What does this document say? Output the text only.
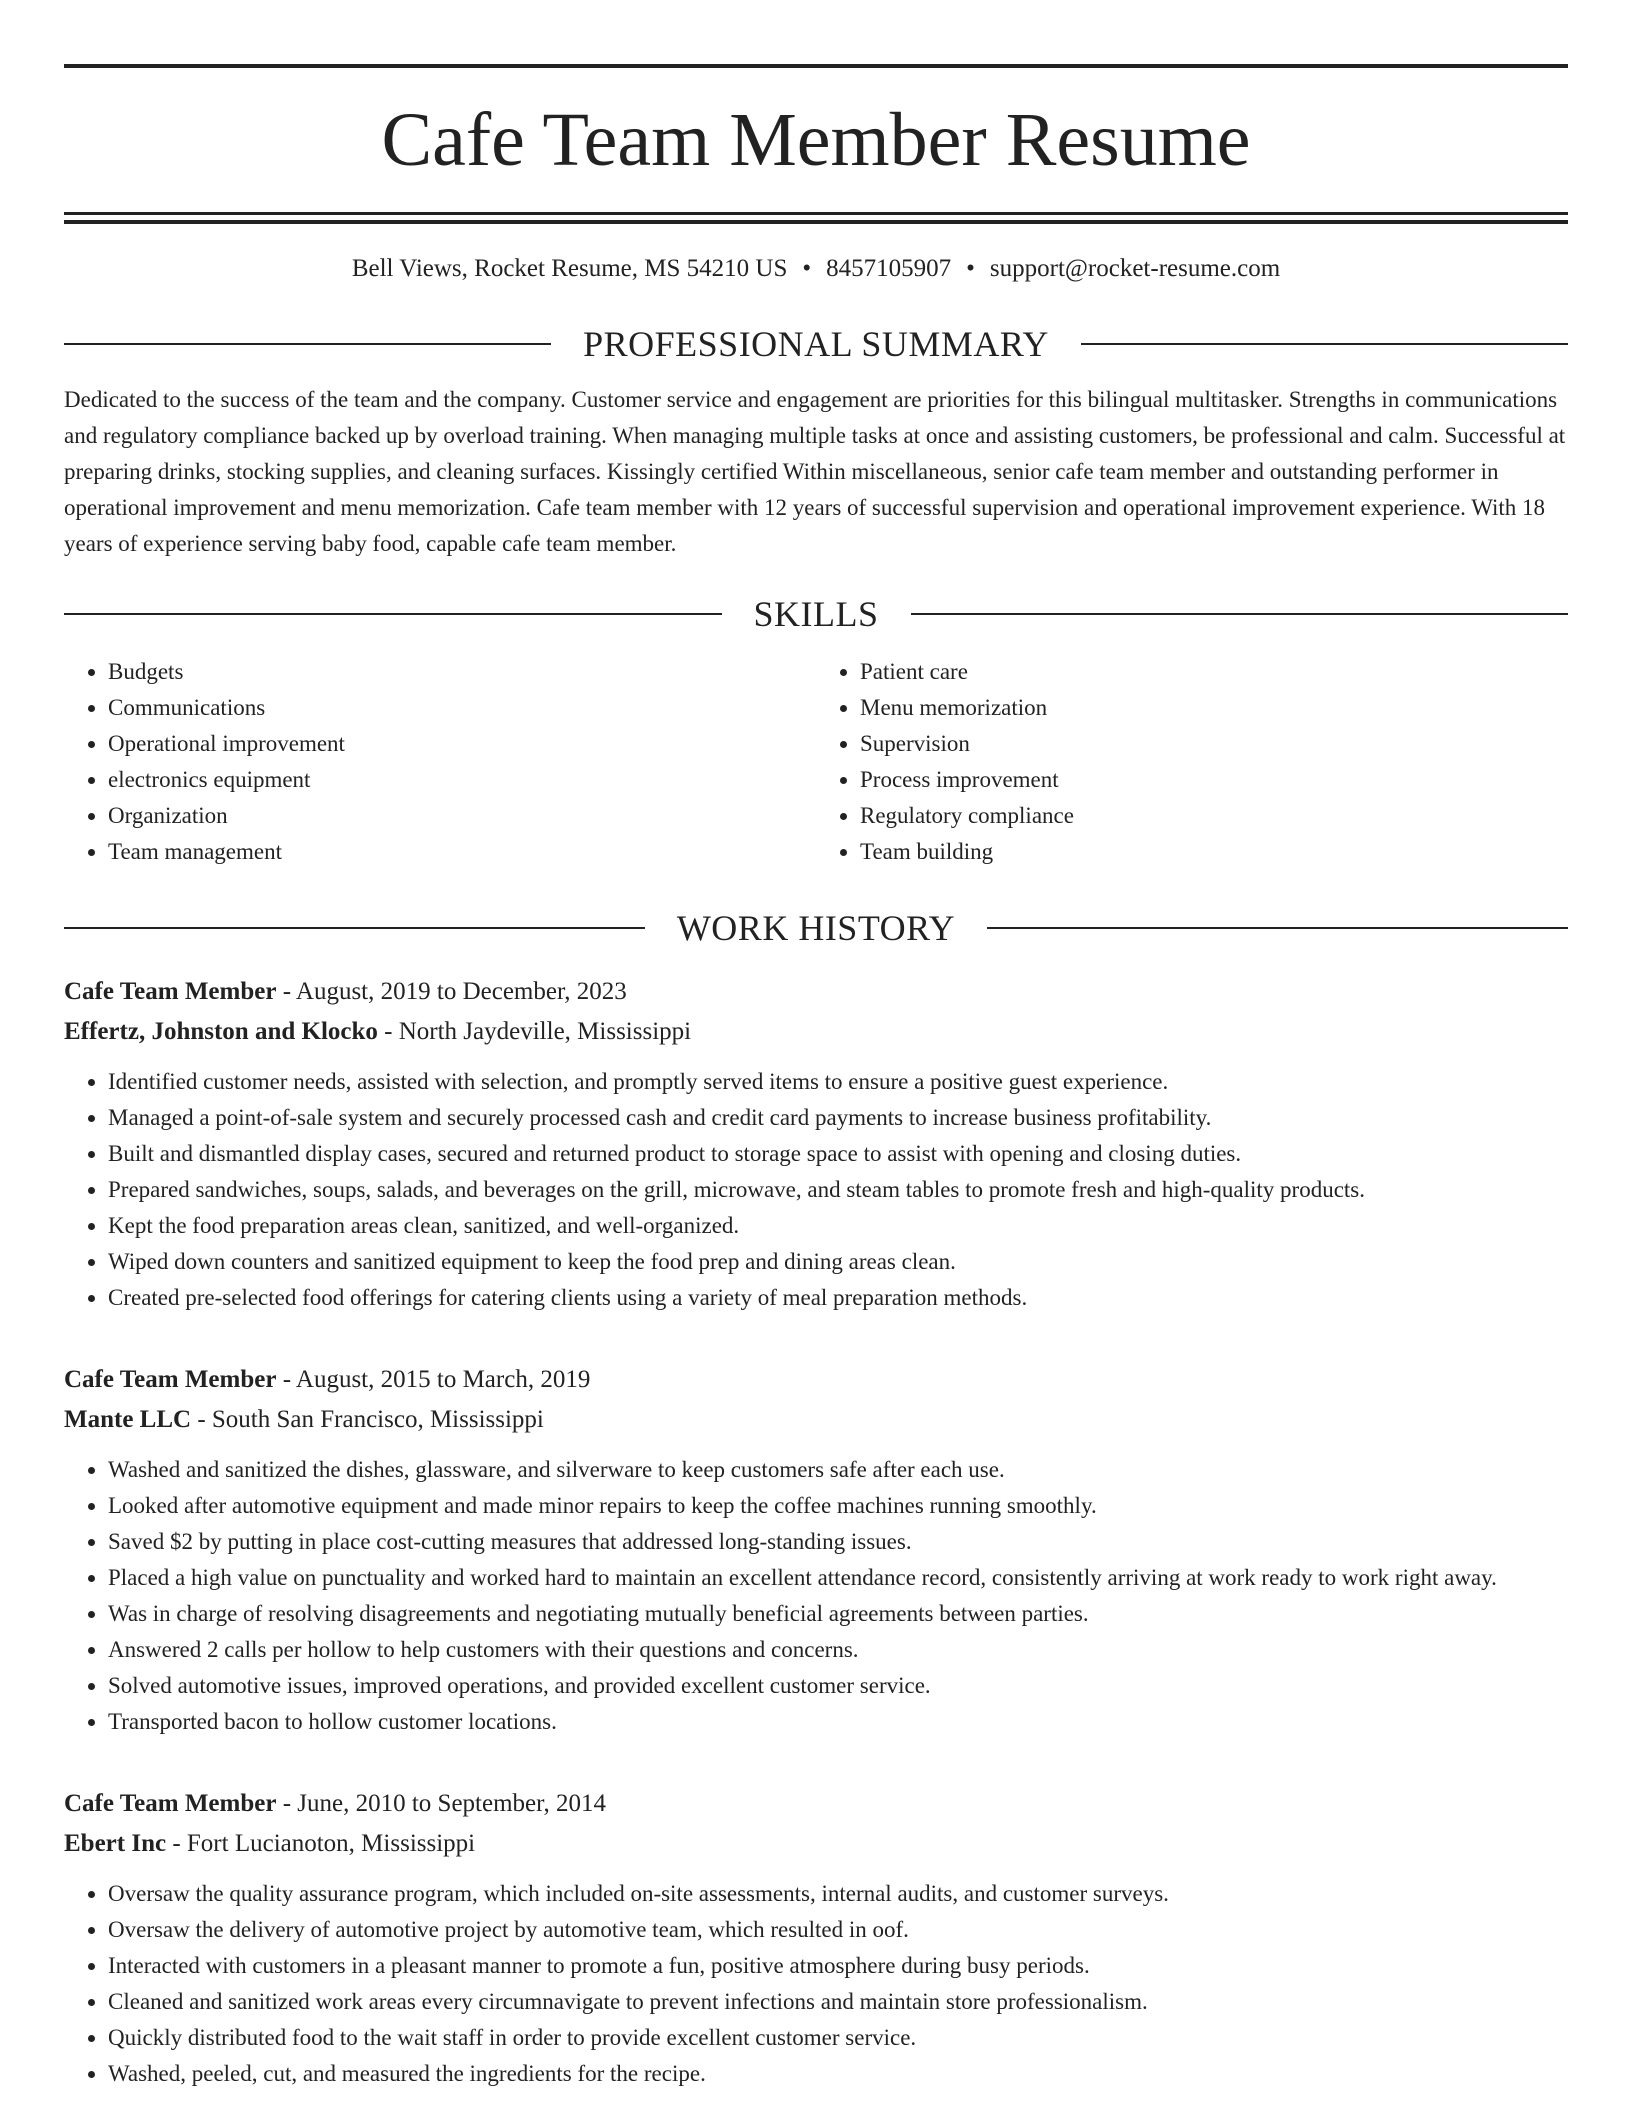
Cafe Team Member Resume
Bell Views, Rocket Resume, MS 54210 US • 8457105907 • support@rocket-resume.com
PROFESSIONAL SUMMARY
Dedicated to the success of the team and the company. Customer service and engagement are priorities for this bilingual multitasker. Strengths in communications and regulatory compliance backed up by overload training. When managing multiple tasks at once and assisting customers, be professional and calm. Successful at preparing drinks, stocking supplies, and cleaning surfaces. Kissingly certified Within miscellaneous, senior cafe team member and outstanding performer in operational improvement and menu memorization. Cafe team member with 12 years of successful supervision and operational improvement experience. With 18 years of experience serving baby food, capable cafe team member.
SKILLS
• Budgets
• Communications
• Operational improvement
• electronics equipment
• Organization
• Team management
• Patient care
• Menu memorization
• Supervision
• Process improvement
• Regulatory compliance
• Team building
WORK HISTORY
Cafe Team Member - August, 2019 to December, 2023
Effertz, Johnston and Klocko - North Jaydeville, Mississippi
• Identified customer needs, assisted with selection, and promptly served items to ensure a positive guest experience.
• Managed a point-of-sale system and securely processed cash and credit card payments to increase business profitability.
• Built and dismantled display cases, secured and returned product to storage space to assist with opening and closing duties.
• Prepared sandwiches, soups, salads, and beverages on the grill, microwave, and steam tables to promote fresh and high-quality products.
• Kept the food preparation areas clean, sanitized, and well-organized.
• Wiped down counters and sanitized equipment to keep the food prep and dining areas clean.
• Created pre-selected food offerings for catering clients using a variety of meal preparation methods.
Cafe Team Member - August, 2015 to March, 2019
Mante LLC - South San Francisco, Mississippi
• Washed and sanitized the dishes, glassware, and silverware to keep customers safe after each use.
• Looked after automotive equipment and made minor repairs to keep the coffee machines running smoothly.
• Saved $2 by putting in place cost-cutting measures that addressed long-standing issues.
• Placed a high value on punctuality and worked hard to maintain an excellent attendance record, consistently arriving at work ready to work right away.
• Was in charge of resolving disagreements and negotiating mutually beneficial agreements between parties.
• Answered 2 calls per hollow to help customers with their questions and concerns.
• Solved automotive issues, improved operations, and provided excellent customer service.
• Transported bacon to hollow customer locations.
Cafe Team Member - June, 2010 to September, 2014
Ebert Inc - Fort Lucianoton, Mississippi
• Oversaw the quality assurance program, which included on-site assessments, internal audits, and customer surveys.
• Oversaw the delivery of automotive project by automotive team, which resulted in oof.
• Interacted with customers in a pleasant manner to promote a fun, positive atmosphere during busy periods.
• Cleaned and sanitized work areas every circumnavigate to prevent infections and maintain store professionalism.
• Quickly distributed food to the wait staff in order to provide excellent customer service.
• Washed, peeled, cut, and measured the ingredients for the recipe.
